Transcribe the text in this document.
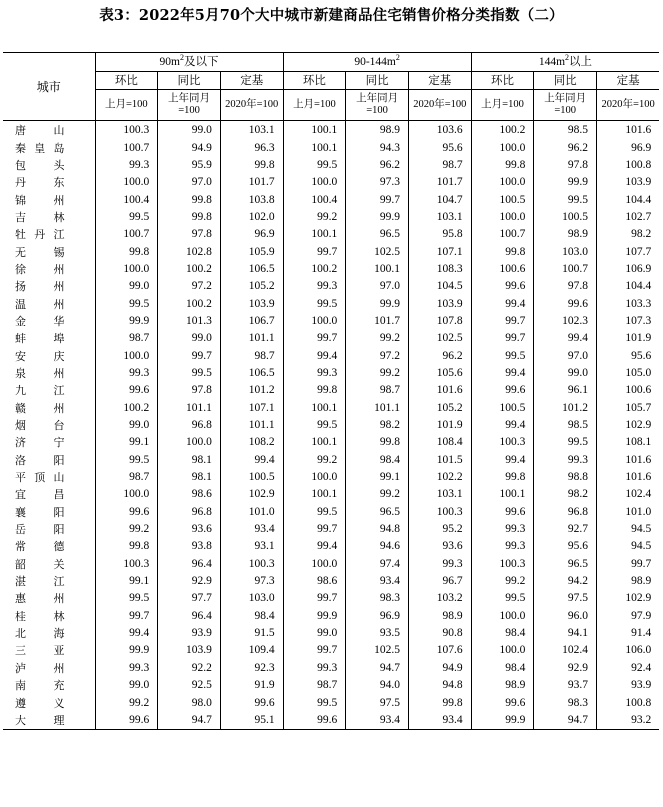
表3：2022年5月70个大中城市新建商品住宅销售价格分类指数（二）
城市	$90m^2$及以下			$90-144m^2$			$144m^2$以上		
	环比	同比	定基	环比	同比	定基	环比	同比	定基
	上月=100	上年同月=100	2020年=100	上月=100	上年同月=100	2020年=100	上月=100	上年同月=100	2020年=100
唐山	100.3	99.0	103.1	100.1	98.9	103.6	100.2	98.5	101.6
秦皇岛	100.7	94.9	96.3	100.1	94.3	95.6	100.0	96.2	96.9
包头	99.3	95.9	99.8	99.5	96.2	98.7	99.8	97.8	100.8
丹东	100.0	97.0	101.7	100.0	97.3	101.7	100.0	99.9	103.9
锦州	100.4	99.8	103.8	100.4	99.7	104.7	100.5	99.5	104.4
吉林	99.5	99.8	102.0	99.2	99.9	103.1	100.0	100.5	102.7
牡丹江	100.7	97.8	96.9	100.1	96.5	95.8	100.7	98.9	98.2
无锡	99.8	102.8	105.9	99.7	102.5	107.1	99.8	103.0	107.7
徐州	100.0	100.2	106.5	100.2	100.1	108.3	100.6	100.7	106.9
扬州	99.0	97.2	105.2	99.3	97.0	104.5	99.6	97.8	104.4
温州	99.5	100.2	103.9	99.5	99.9	103.9	99.4	99.6	103.3
金华	99.9	101.3	106.7	100.0	101.7	107.8	99.7	102.3	107.3
蚌埠	98.7	99.0	101.1	99.7	99.2	102.5	99.7	99.4	101.9
安庆	100.0	99.7	98.7	99.4	97.2	96.2	99.5	97.0	95.6
泉州	99.3	99.5	106.5	99.3	99.2	105.6	99.4	99.0	105.0
九江	99.6	97.8	101.2	99.8	98.7	101.6	99.6	96.1	100.6
赣州	100.2	101.1	107.1	100.1	101.1	105.2	100.5	101.2	105.7
烟台	99.0	96.8	101.1	99.5	98.2	101.9	99.4	98.5	102.9
济宁	99.1	100.0	108.2	100.1	99.8	108.4	100.3	99.5	108.1
洛阳	99.5	98.1	99.4	99.2	98.4	101.5	99.4	99.3	101.6
平顶山	98.7	98.1	100.5	100.0	99.1	102.2	99.8	98.8	101.6
宜昌	100.0	98.6	102.9	100.1	99.2	103.1	100.1	98.2	102.4
襄阳	99.6	96.8	101.0	99.5	96.5	100.3	99.6	96.8	101.0
岳阳	99.2	93.6	93.4	99.7	94.8	95.2	99.3	92.7	94.5
常德	99.8	93.8	93.1	99.4	94.6	93.6	99.3	95.6	94.5
韶关	100.3	96.4	100.3	100.0	97.4	99.3	100.3	96.5	99.7
湛江	99.1	92.9	97.3	98.6	93.4	96.7	99.2	94.2	98.9
惠州	99.5	97.7	103.0	99.7	98.3	103.2	99.5	97.5	102.9
桂林	99.7	96.4	98.4	99.9	96.9	98.9	100.0	96.0	97.9
北海	99.4	93.9	91.5	99.0	93.5	90.8	98.4	94.1	91.4
三亚	99.9	103.9	109.4	99.7	102.5	107.6	100.0	102.4	106.0
泸州	99.3	92.2	92.3	99.3	94.7	94.9	98.4	92.9	92.4
南充	99.0	92.5	91.9	98.7	94.0	94.8	98.9	93.7	93.9
遵义	99.2	98.0	99.6	99.5	97.5	99.8	99.6	98.3	100.8
大理	99.6	94.7	95.1	99.6	93.4	93.4	99.9	94.7	93.2
